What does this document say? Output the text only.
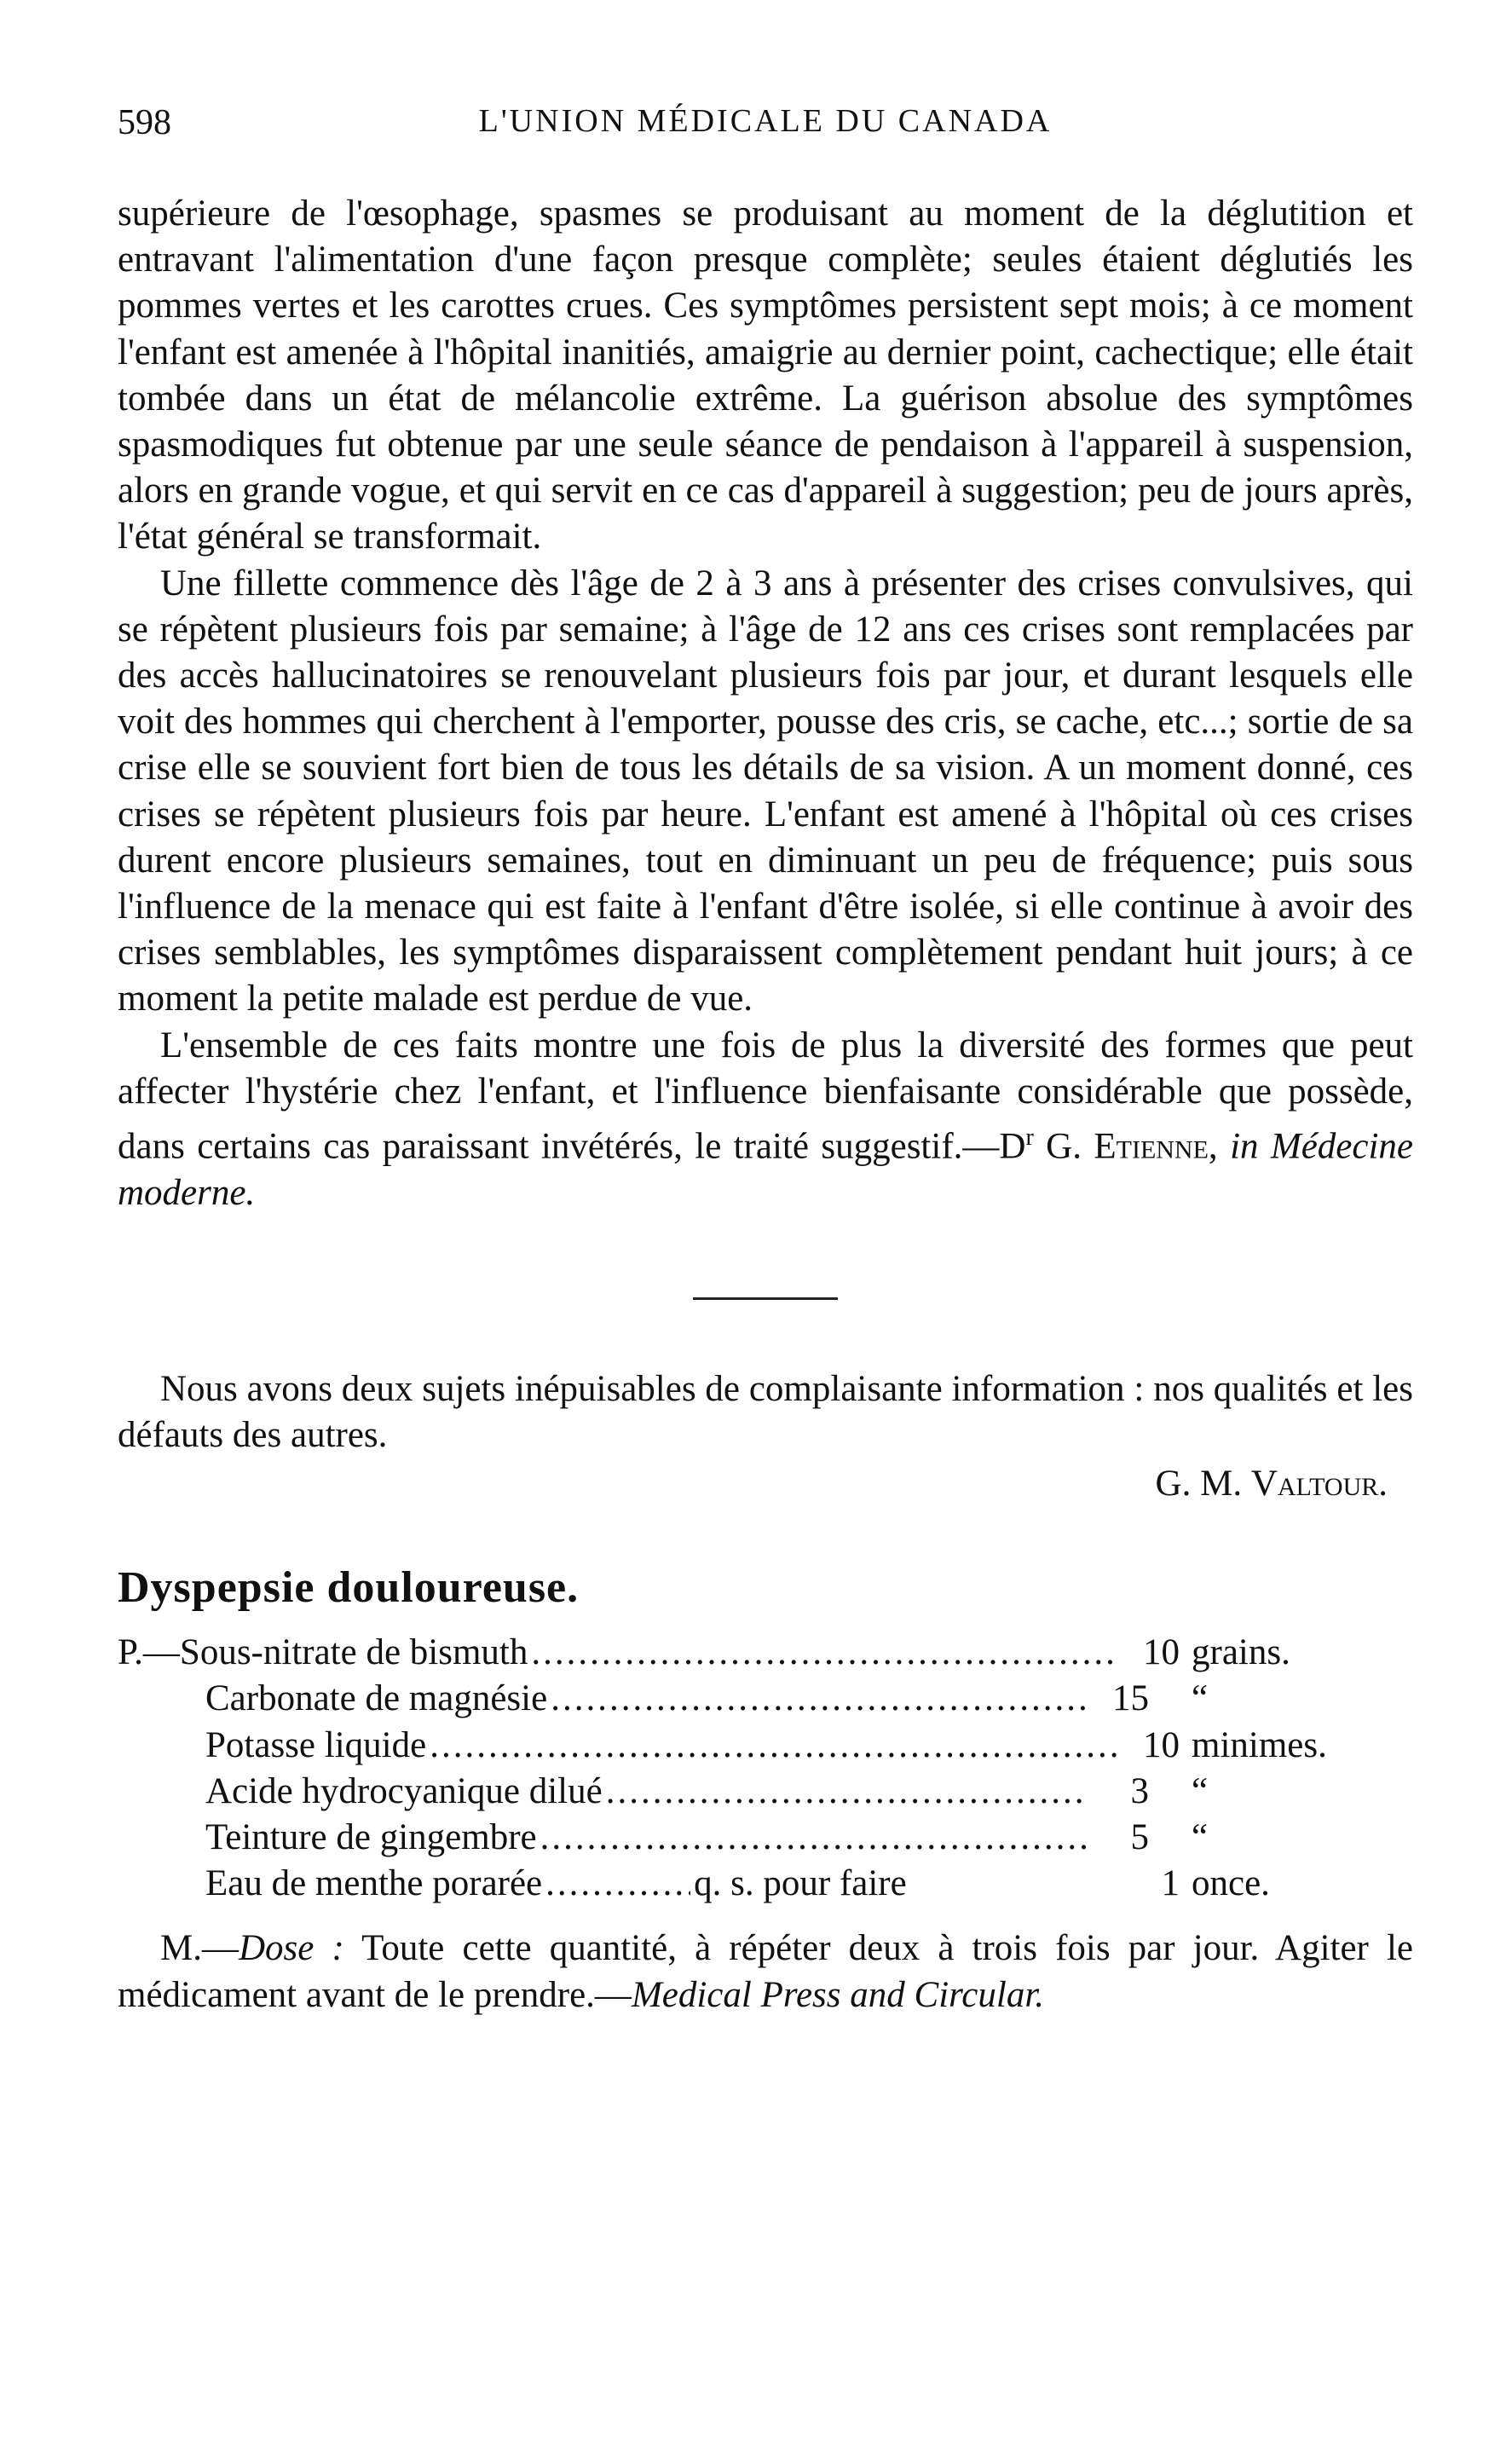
598	L'UNION MÉDICALE DU CANADA

supérieure de l'œsophage, spasmes se produisant au moment de la déglutition et entravant l'alimentation d'une façon presque complète; seules étaient déglutiés les pommes vertes et les carottes crues. Ces symptômes persistent sept mois; à ce moment l'enfant est amenée à l'hôpital inanitiés, amaigrie au dernier point, cachectique; elle était tombée dans un état de mélancolie extrême. La guérison absolue des symptômes spasmodiques fut obtenue par une seule séance de pendaison à l'appareil à suspension, alors en grande vogue, et qui servit en ce cas d'appareil à suggestion; peu de jours après, l'état général se transformait.

Une fillette commence dès l'âge de 2 à 3 ans à présenter des crises convulsives, qui se répètent plusieurs fois par semaine; à l'âge de 12 ans ces crises sont remplacées par des accès hallucinatoires se renouvelant plusieurs fois par jour, et durant lesquels elle voit des hommes qui cherchent à l'emporter, pousse des cris, se cache, etc...; sortie de sa crise elle se souvient fort bien de tous les détails de sa vision. A un moment donné, ces crises se répètent plusieurs fois par heure. L'enfant est amené à l'hôpital où ces crises durent encore plusieurs semaines, tout en diminuant un peu de fréquence; puis sous l'influence de la menace qui est faite à l'enfant d'être isolée, si elle continue à avoir des crises semblables, les symptômes disparaissent complètement pendant huit jours; à ce moment la petite malade est perdue de vue.

L'ensemble de ces faits montre une fois de plus la diversité des formes que peut affecter l'hystérie chez l'enfant, et l'influence bienfaisante considérable que possède, dans certains cas paraissant invétérés, le traité $suggestif.—D^r$ G. Etienne, in Médecine moderne.

Nous avons deux sujets inépuisables de complaisante information : nos qualités et les défauts des autres.
G. M. Valtour.
Dyspepsie douloureuse.
P.— Sous-nitrate de bismuth .....	10 grains.
Carbonate de magnésie .....	15	“
Potasse liquide .....	10 minimes.
Acide hydrocyanique dilué .....	3	“
Teinture de gingembre .....	5	“
Eau de menthe porarée .....	q. s. pour faire	1 once.
M.—Dose : Toute cette quantité, à répéter deux à trois fois par jour. Agiter le médicament avant de le prendre.—Medical Press and Circular.
